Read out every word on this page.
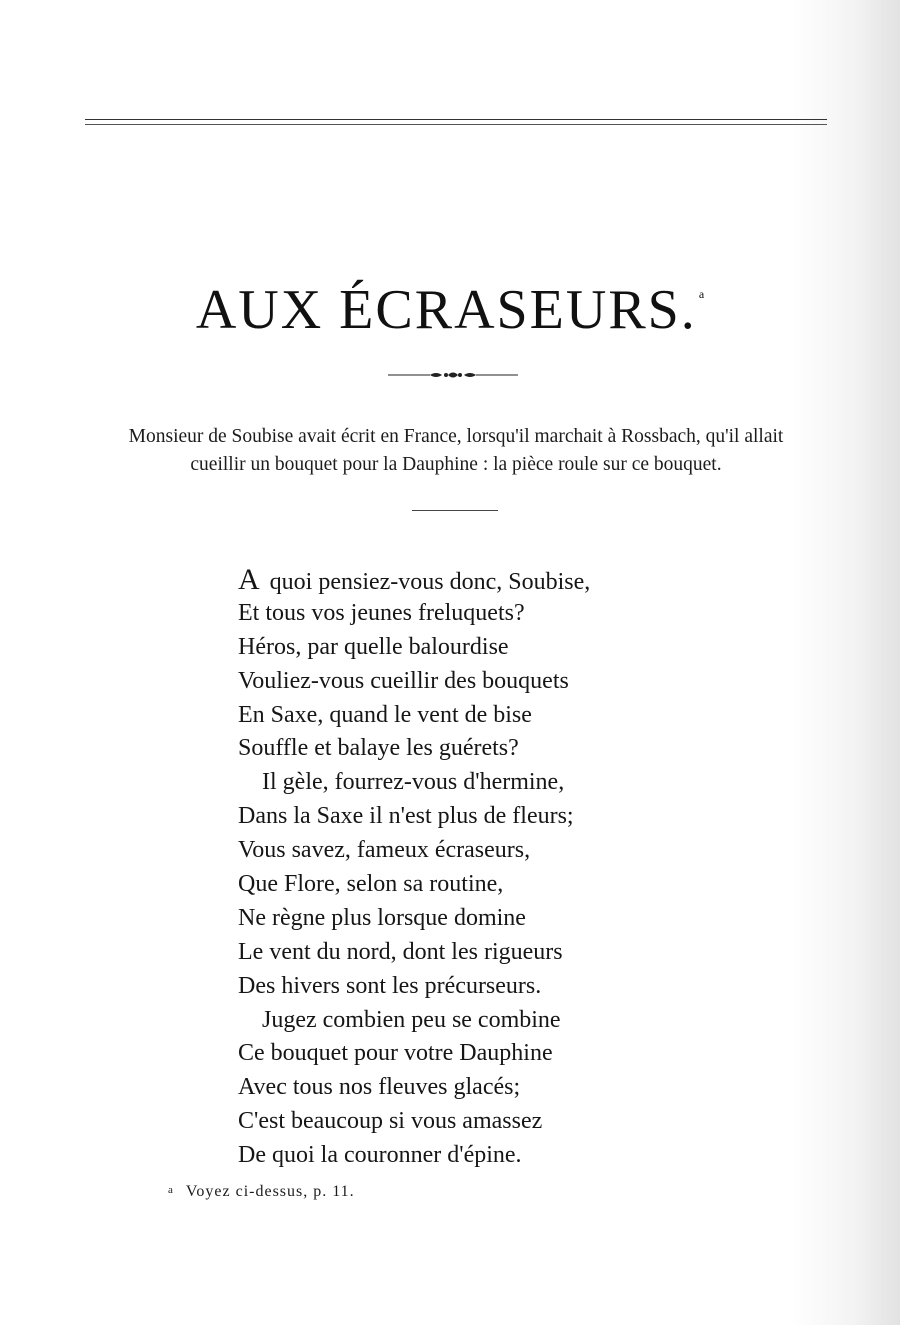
AUX ÉCRASEURS. $^a$
Monsieur de Soubise avait écrit en France, lorsqu'il marchait à Rossbach, qu'il allait
cueillir un bouquet pour la Dauphine : la pièce roule sur ce bouquet.
A quoi pensiez-vous donc, Soubise,
Et tous vos jeunes freluquets?
Héros, par quelle balourdise
Vouliez-vous cueillir des bouquets
En Saxe, quand le vent de bise
Souffle et balaye les guérets?
Il gèle, fourrez-vous d'hermine,
Dans la Saxe il n'est plus de fleurs;
Vous savez, fameux écraseurs,
Que Flore, selon sa routine,
Ne règne plus lorsque domine
Le vent du nord, dont les rigueurs
Des hivers sont les précurseurs.
Jugez combien peu se combine
Ce bouquet pour votre Dauphine
Avec tous nos fleuves glacés;
C'est beaucoup si vous amassez
De quoi la couronner d'épine.
a Voyez ci-dessus, p. 11.
